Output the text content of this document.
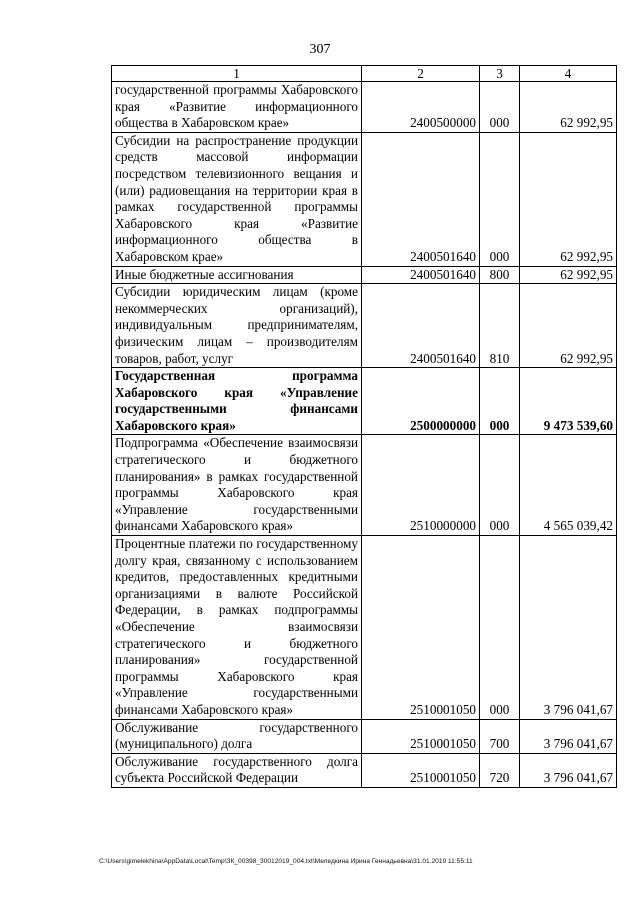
307
1	2	3	4
государственной программы Хабаровского края «Развитие информационного общества в Хабаровском крае»	2400500000	000	62 992,95
Субсидии на распространение продукции средств массовой информации посредством телевизионного вещания и (или) радиовещания на территории края в рамках государственной программы Хабаровского края «Развитие информационного общества в Хабаровском крае»	2400501640	000	62 992,95
Иные бюджетные ассигнования	2400501640	800	62 992,95
Субсидии юридическим лицам (кроме некоммерческих организаций), индивидуальным предпринимателям, физическим лицам – производителям товаров, работ, услуг	2400501640	810	62 992,95
Государственная программа Хабаровского края «Управление государственными финансами Хабаровского края»	2500000000	000	9 473 539,60
Подпрограмма «Обеспечение взаимосвязи стратегического и бюджетного планирования» в рамках государственной программы Хабаровского края «Управление государственными финансами Хабаровского края»	2510000000	000	4 565 039,42
Процентные платежи по государственному долгу края, связанному с использованием кредитов, предоставленных кредитными организациями в валюте Российской Федерации, в рамках подпрограммы «Обеспечение взаимосвязи стратегического и бюджетного планирования» государственной программы Хабаровского края «Управление государственными финансами Хабаровского края»	2510001050	000	3 796 041,67
Обслуживание государственного (муниципального) долга	2510001050	700	3 796 041,67
Обслуживание государственного долга субъекта Российской Федерации	2510001050	720	3 796 041,67
C:\Users\gimelekhina\AppData\Local\Temp\ЗК_00398_30012019_004.txt\Меледкина Ирина Геннадьевна\31.01.2019 11:55:11
